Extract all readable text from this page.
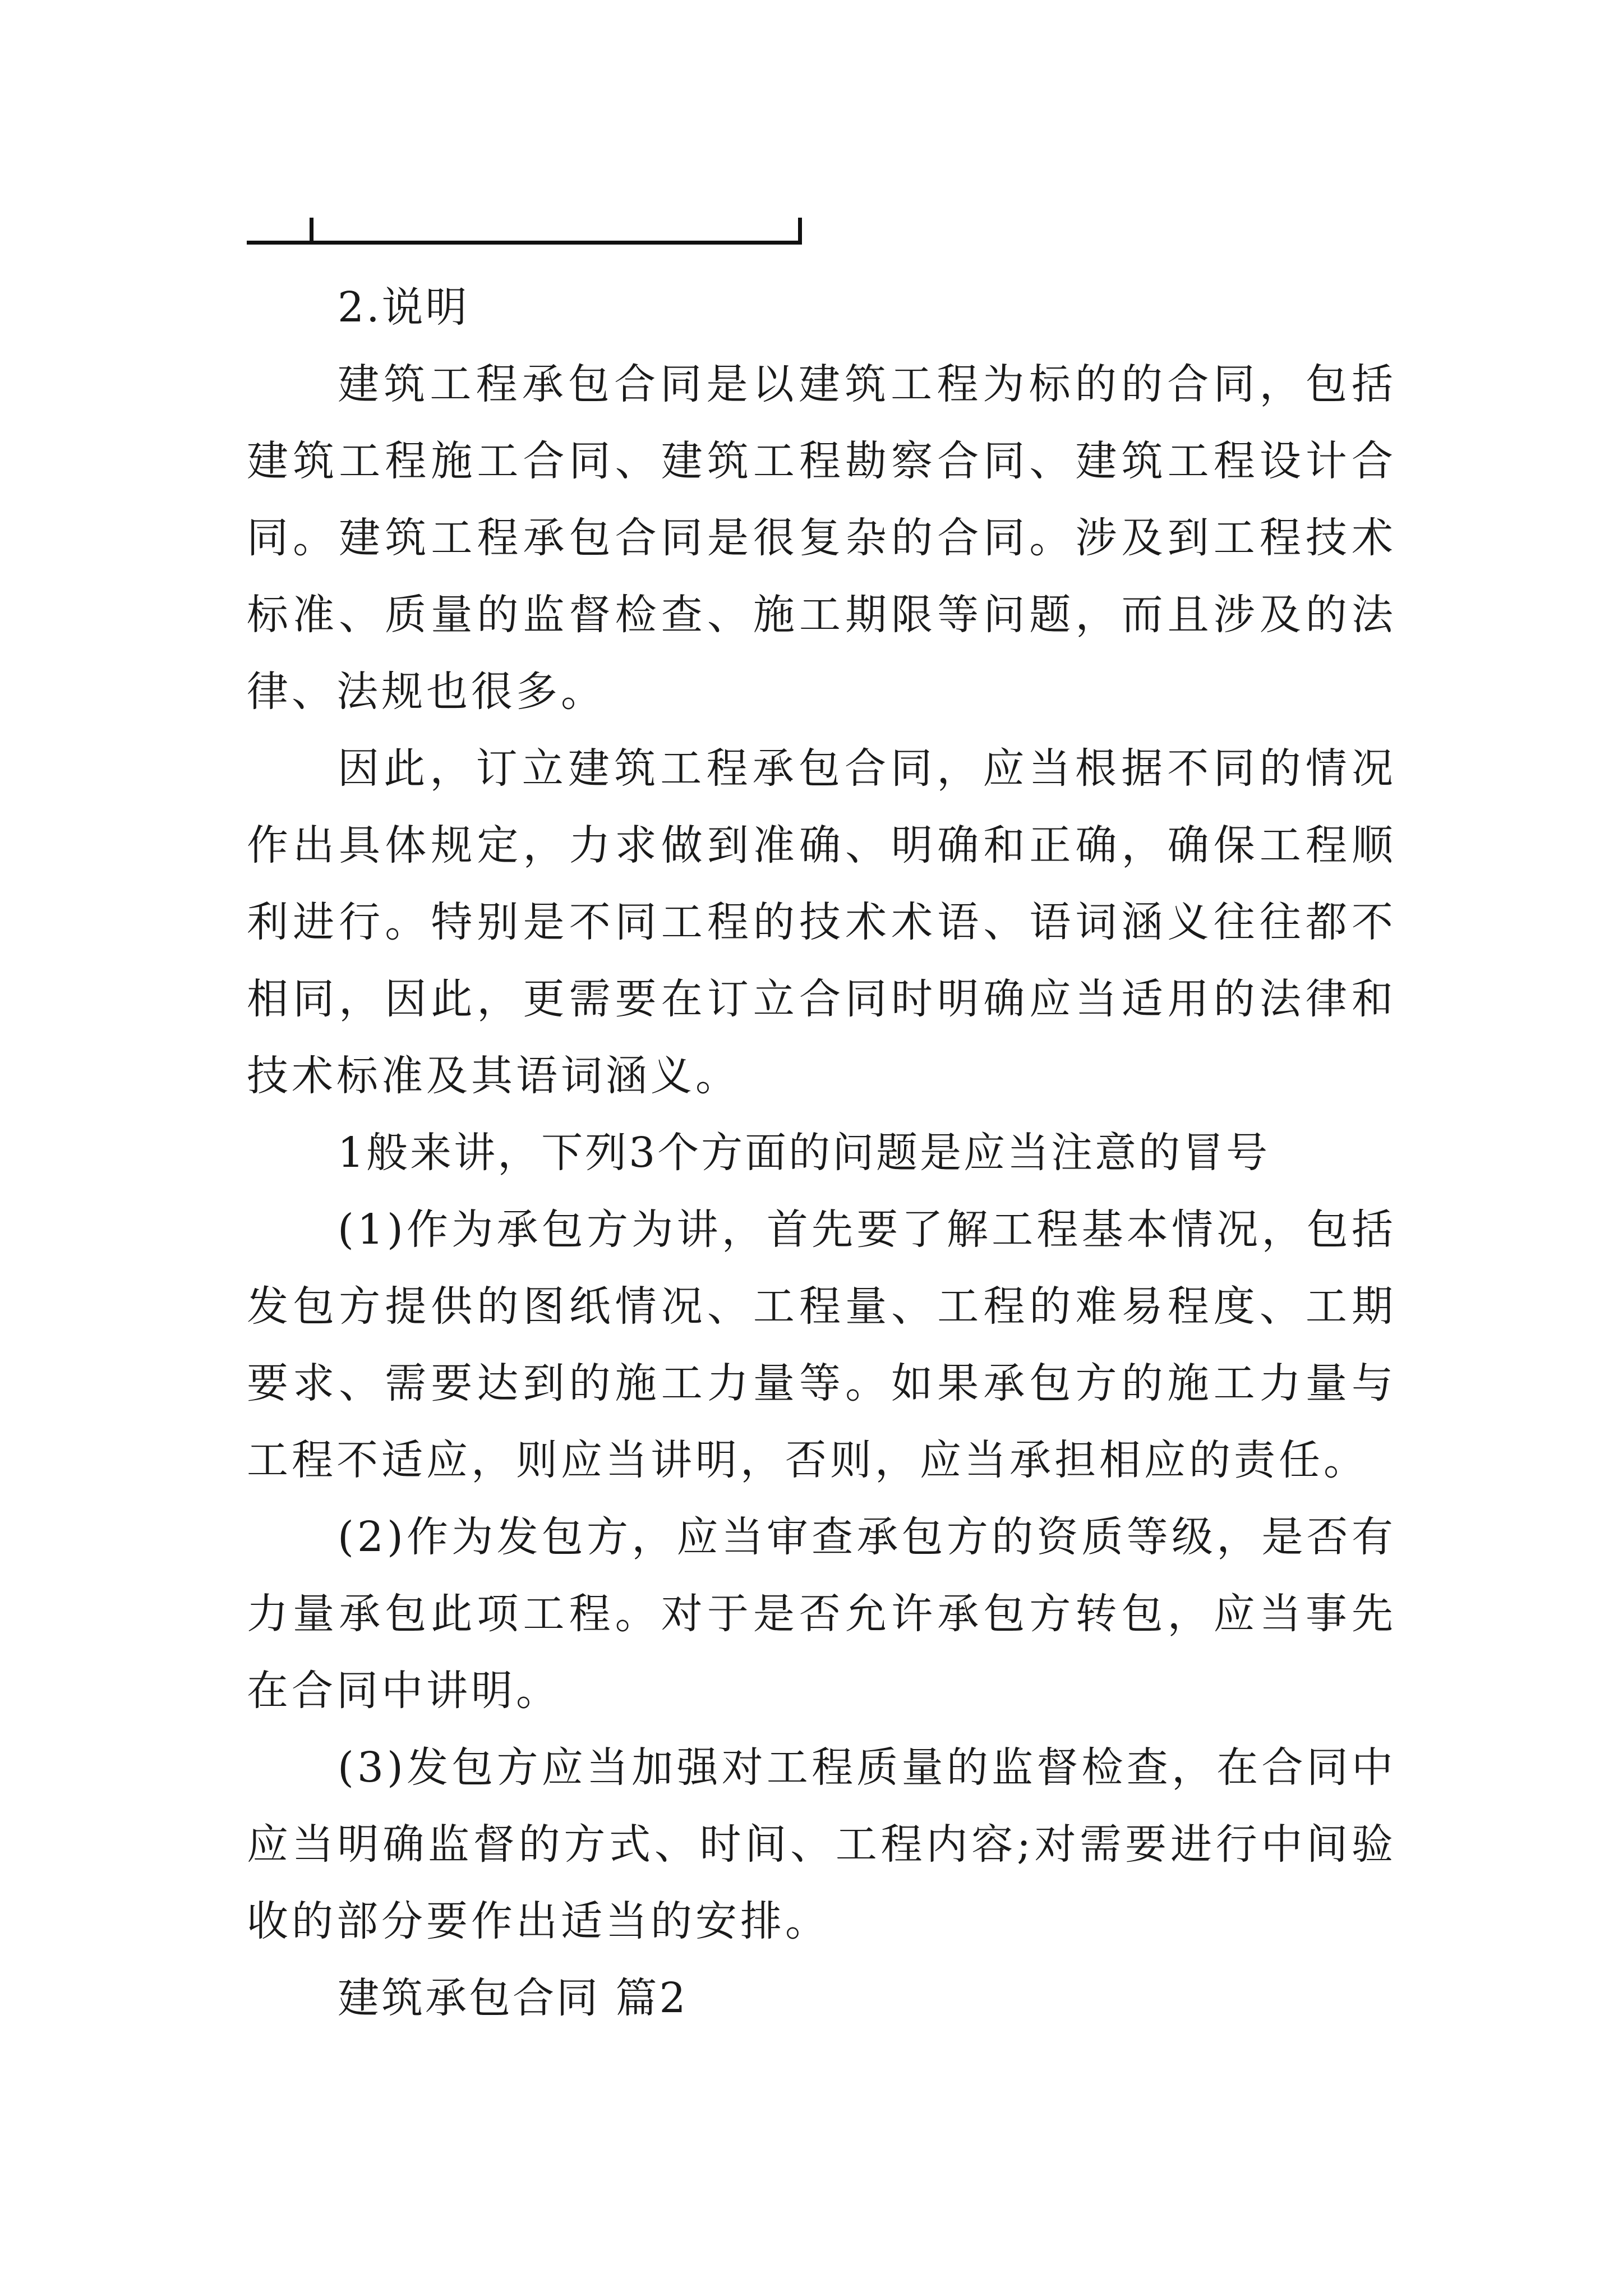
2.说明

建筑工程承包合同是以建筑工程为标的的合同，包括建筑工程施工合同、建筑工程勘察合同、建筑工程设计合同。建筑工程承包合同是很复杂的合同。涉及到工程技术标准、质量的监督检查、施工期限等问题，而且涉及的法律、法规也很多。

因此，订立建筑工程承包合同，应当根据不同的情况作出具体规定，力求做到准确、明确和正确，确保工程顺利进行。特别是不同工程的技术术语、语词涵义往往都不相同，因此，更需要在订立合同时明确应当适用的法律和技术标准及其语词涵义。

1般来讲，下列3个方面的问题是应当注意的冒号

(1)作为承包方为讲，首先要了解工程基本情况，包括发包方提供的图纸情况、工程量、工程的难易程度、工期要求、需要达到的施工力量等。如果承包方的施工力量与工程不适应，则应当讲明，否则，应当承担相应的责任。

(2)作为发包方，应当审查承包方的资质等级，是否有力量承包此项工程。对于是否允许承包方转包，应当事先在合同中讲明。

(3)发包方应当加强对工程质量的监督检查，在合同中应当明确监督的方式、时间、工程内容;对需要进行中间验收的部分要作出适当的安排。

建筑承包合同 篇2
